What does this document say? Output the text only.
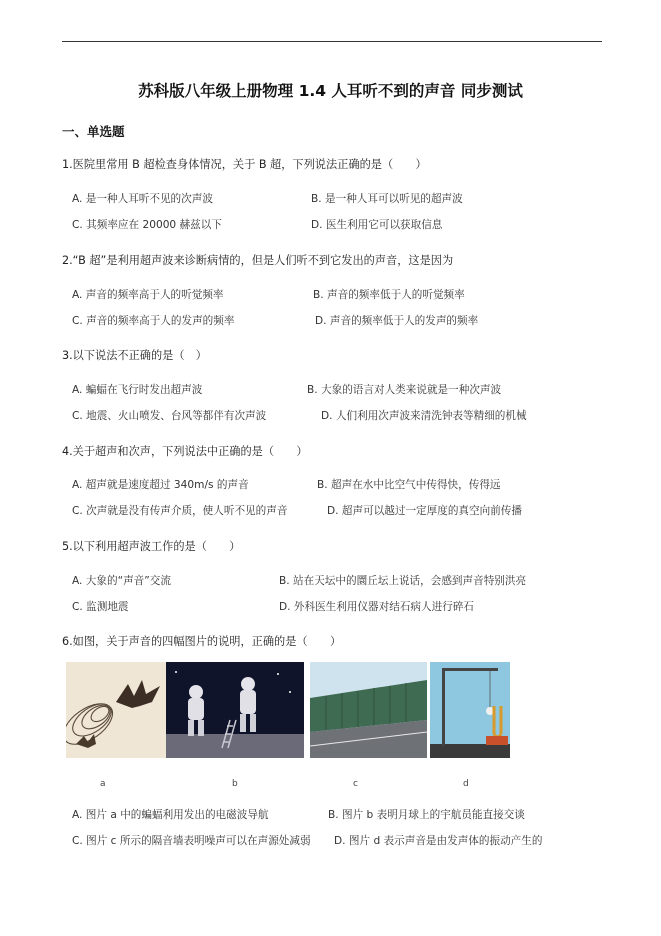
苏科版八年级上册物理 1.4 人耳听不到的声音 同步测试
一、单选题
1.医院里常用 B 超检查身体情况，关于 B 超，下列说法正确的是（　　）
A. 是一种人耳听不见的次声波	B. 是一种人耳可以听见的超声波
C. 其频率应在 20000 赫兹以下	D. 医生利用它可以获取信息
2.“B 超”是利用超声波来诊断病情的，但是人们听不到它发出的声音，这是因为
A. 声音的频率高于人的听觉频率	B. 声音的频率低于人的听觉频率
C. 声音的频率高于人的发声的频率	D. 声音的频率低于人的发声的频率
3.以下说法不正确的是（　）
A. 蝙蝠在飞行时发出超声波	B. 大象的语言对人类来说就是一种次声波
C. 地震、火山喷发、台风等都伴有次声波	D. 人们利用次声波来清洗钟表等精细的机械
4.关于超声和次声，下列说法中正确的是（　　）
A. 超声就是速度超过 340m/s 的声音	B. 超声在水中比空气中传得快，传得远
C. 次声就是没有传声介质，使人听不见的声音	D. 超声可以越过一定厚度的真空向前传播
5.以下利用超声波工作的是（　　）
A. 大象的“声音”交流	B. 站在天坛中的圜丘坛上说话，会感到声音特别洪亮
C. 监测地震	D. 外科医生利用仪器对结石病人进行碎石
6.如图，关于声音的四幅图片的说明，正确的是（　　）
a	b	c	d
A. 图片 a 中的蝙蝠利用发出的电磁波导航	B. 图片 b 表明月球上的宇航员能直接交谈
C. 图片 c 所示的隔音墙表明噪声可以在声源处减弱 D. 图片 d 表示声音是由发声体的振动产生的
